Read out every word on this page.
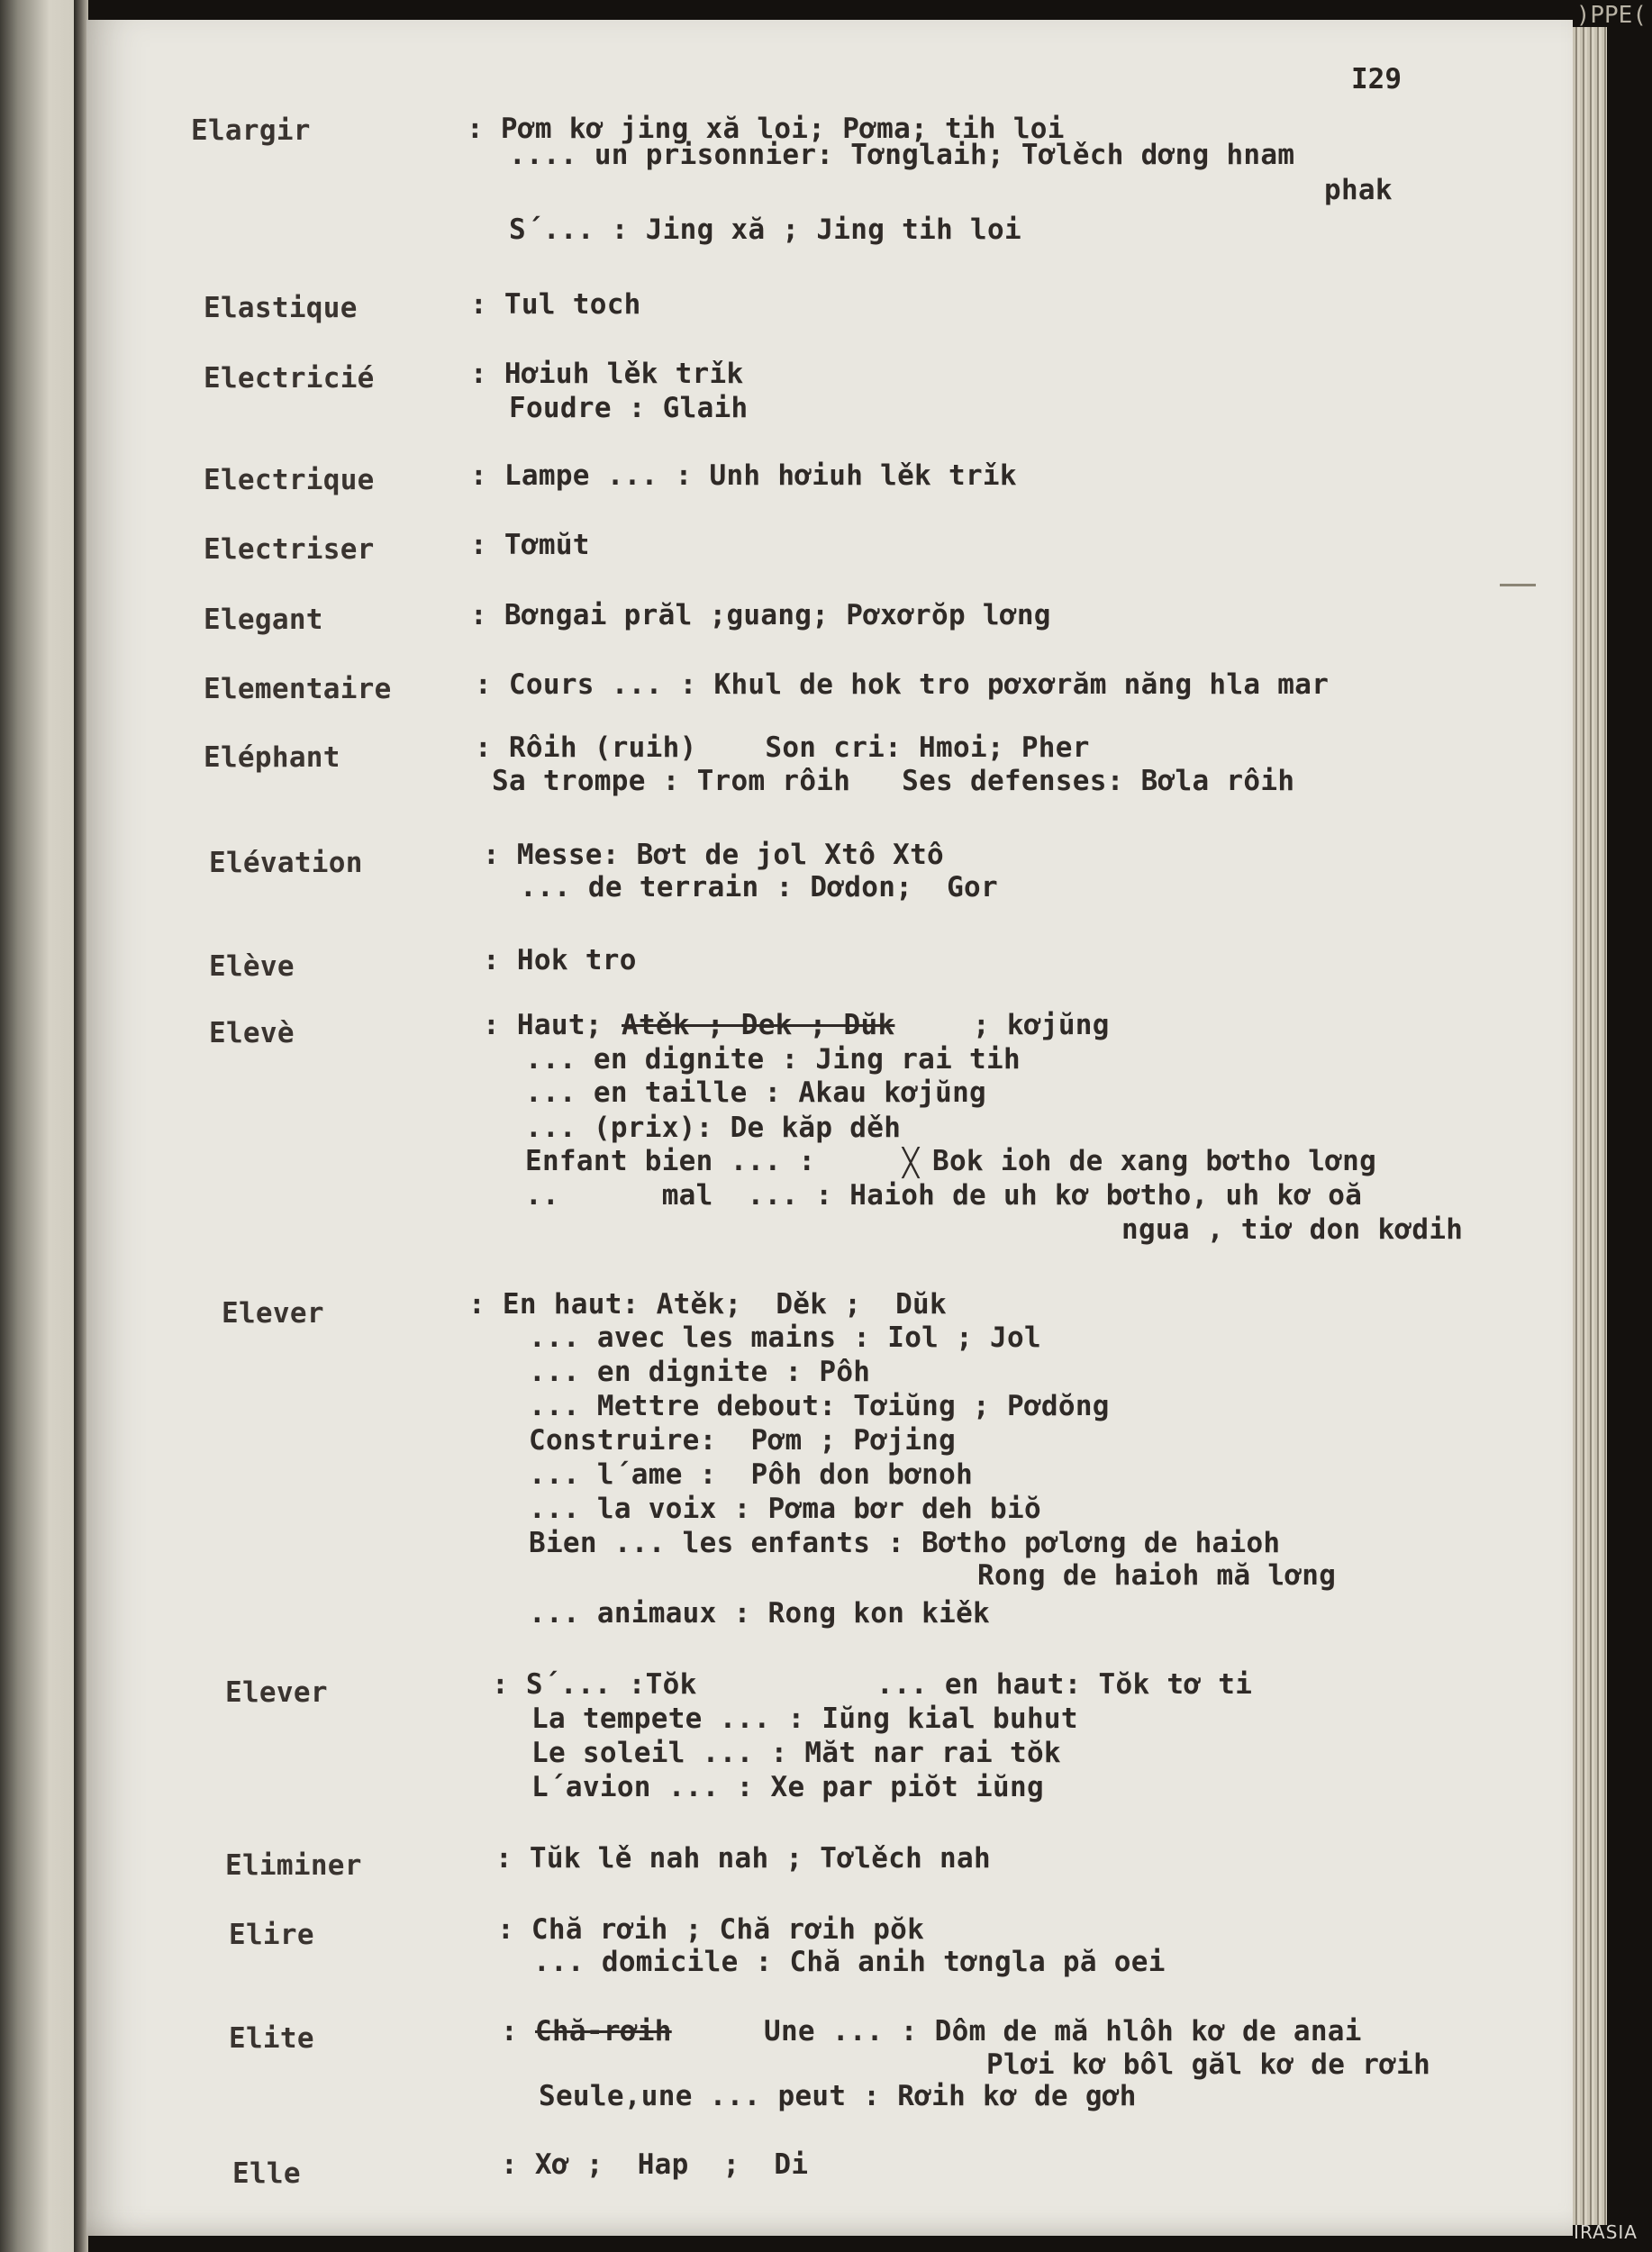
)PPE(
I29
Elargir	: Pơm kơ jing xă loi; Pơma; tih loi
.... un prisonnier: Tơnglaih; Tơlěch dơng hnam
phak
S´... : Jing xă ; Jing tih loi
Elastique	: Tul toch
Electricié	: Hơiuh lěk trǐk
Foudre : Glaih
Electrique	: Lampe ... : Unh hơiuh lěk trǐk
Electriser	: Tơmŭt
Elegant	: Bơngai prăl ;guang; Pơxơrŏp lơng
Elementaire	: Cours ... : Khul de hok tro pơxơrăm năng hla mar
Eléphant	: Rôih (ruih)    Son cri: Hmoi; Pher
Sa trompe : Trom rôih   Ses defenses: Bơla rôih
Elévation	: Messe: Bơt de jol Xtô Xtô
... de terrain : Dơdon;  Gor
Elève	: Hok tro
Elevè	: Haut; Atěk ; Dek ; Dŭk	; kơjŭng
... en dignite : Jing rai tih
... en taille : Akau kơjŭng
... (prix): De kăp děh
Enfant bien ... :	╳ Bok ioh de xang bơtho lơng
..      mal  ... : Haioh de uh kơ bơtho, uh kơ oă
ngua , tiơ don kơdih
Elever	: En haut: Atěk;  Děk ;  Dŭk
... avec les mains : Iol ; Jol
... en dignite : Pôh
... Mettre debout: Tơiŭng ; Pơdŏng
Construire:  Pơm ; Pơjing
... l´ame :  Pôh don bơnoh
... la voix : Pơma bơr deh biŏ
Bien ... les enfants : Bơtho pơlơng de haioh
Rong de haioh mă lơng
... animaux : Rong kon kiěk
Elever	: S´... :Tŏk	... en haut: Tŏk tơ ti
La tempete ... : Iŭng kial buhut
Le soleil ... : Măt nar rai tŏk
L´avion ... : Xe par piŏt iŭng
Eliminer	: Tŭk lě nah nah ; Tơlěch nah
Elire	: Chă rơih ; Chă rơih pŏk
... domicile : Chă anih tơngla pă oei
Elite	: Chă-rơih	Une ... : Dôm de mă hlôh kơ de anai
Plơi kơ bôl găl kơ de rơih
Seule,une ... peut : Rơih kơ de gơh
Elle	: Xơ ;  Hap  ;  Di
IRASIA
